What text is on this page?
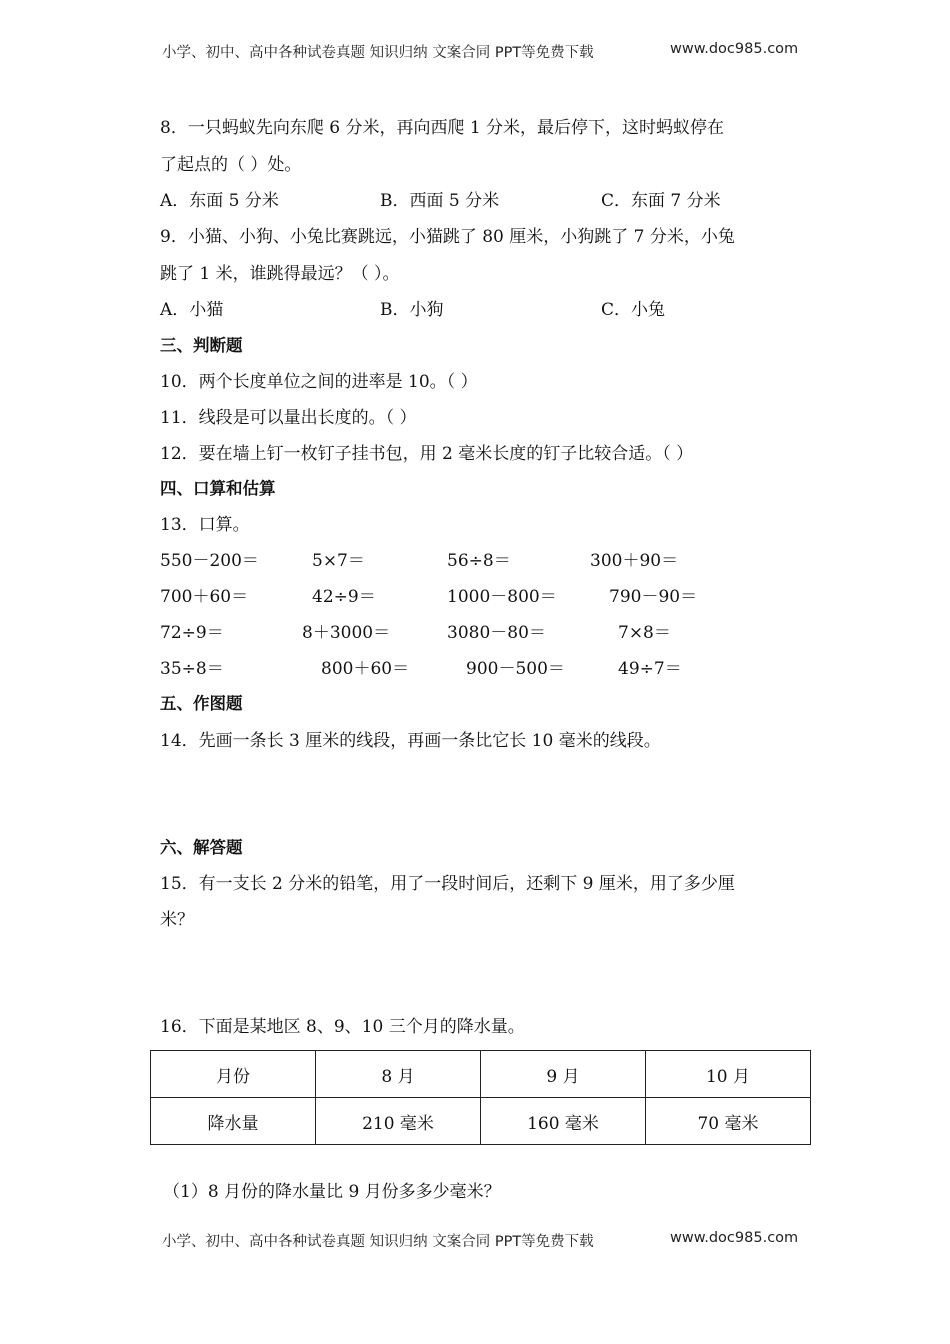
小学、初中、高中各种试卷真题 知识归纳 文案合同 PPT等免费下载	www.doc985.com
8．一只蚂蚁先向东爬 6 分米，再向西爬 1 分米，最后停下，这时蚂蚁停在
了起点的（ ）处。
A．东面 5 分米	B．西面 5 分米	C．东面 7 分米
9．小猫、小狗、小兔比赛跳远，小猫跳了 80 厘米，小狗跳了 7 分米，小兔
跳了 1 米，谁跳得最远？（ ）。
A．小猫	B．小狗	C．小兔
三、判断题
10．两个长度单位之间的进率是 10。（ ）
11．线段是可以量出长度的。（ ）
12．要在墙上钉一枚钉子挂书包，用 2 毫米长度的钉子比较合适。（ ）
四、口算和估算
13．口算。
550－200＝	5×7＝	56÷8＝	300＋90＝
700＋60＝	42÷9＝	1000－800＝	790－90＝
72÷9＝	8＋3000＝	3080－80＝	7×8＝
35÷8＝	800＋60＝	900－500＝	49÷7＝
五、作图题
14．先画一条长 3 厘米的线段，再画一条比它长 10 毫米的线段。
六、解答题
15．有一支长 2 分米的铅笔，用了一段时间后，还剩下 9 厘米，用了多少厘
米？
16．下面是某地区 8、9、10 三个月的降水量。
月份	8 月	9 月	10 月
降水量	210 毫米	160 毫米	70 毫米
（1）8 月份的降水量比 9 月份多多少毫米？
小学、初中、高中各种试卷真题 知识归纳 文案合同 PPT等免费下载	www.doc985.com
